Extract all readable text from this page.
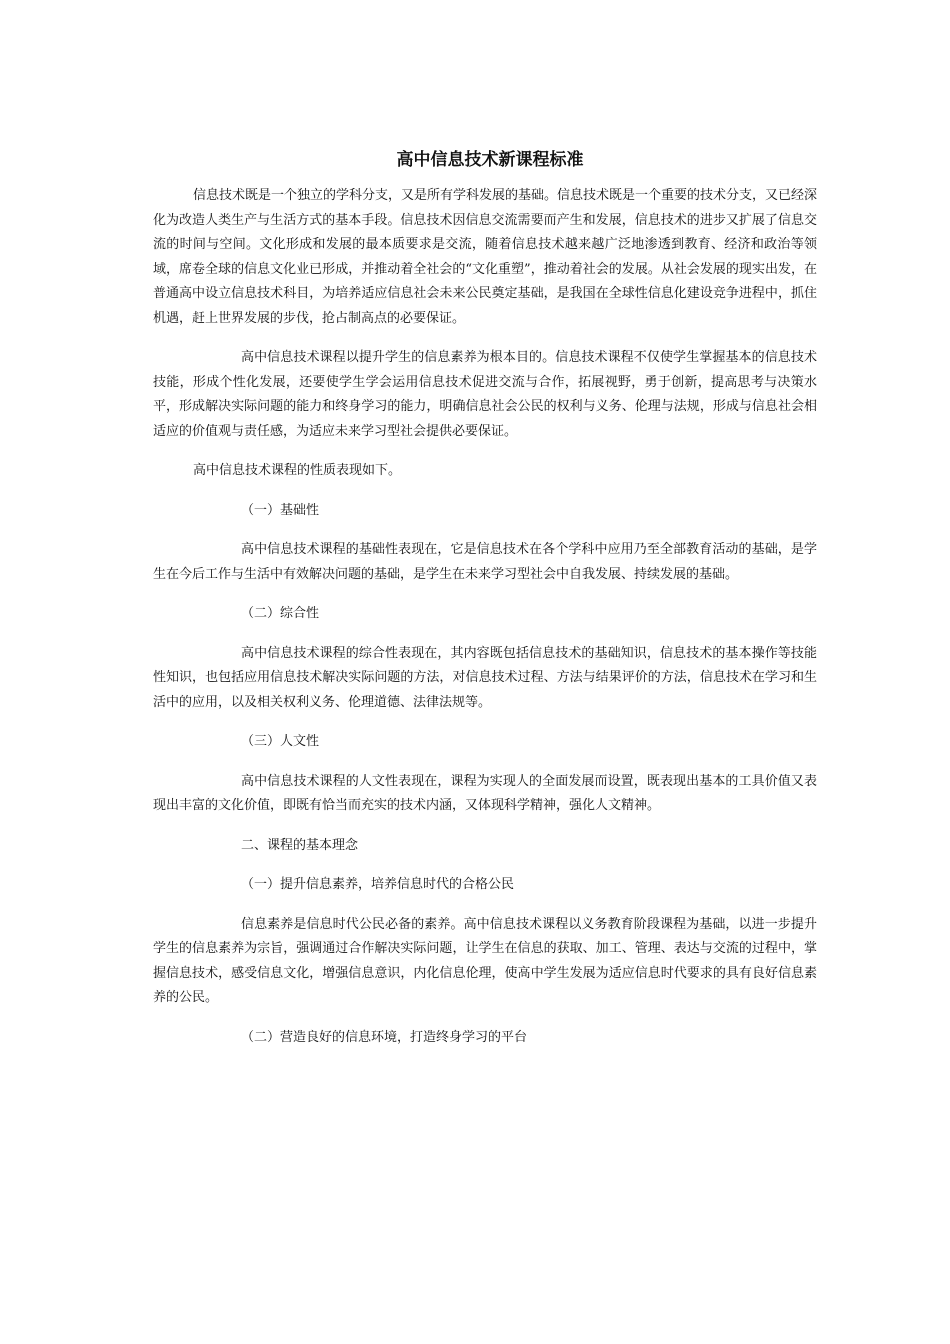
高中信息技术新课程标准

信息技术既是一个独立的学科分支，又是所有学科发展的基础。信息技术既是一个重要的技术分支，又已经深化为改造人类生产与生活方式的基本手段。信息技术因信息交流需要而产生和发展，信息技术的进步又扩展了信息交流的时间与空间。文化形成和发展的最本质要求是交流，随着信息技术越来越广泛地渗透到教育、经济和政治等领域，席卷全球的信息文化业已形成，并推动着全社会的“文化重塑”，推动着社会的发展。从社会发展的现实出发，在普通高中设立信息技术科目，为培养适应信息社会未来公民奠定基础，是我国在全球性信息化建设竞争进程中，抓住机遇，赶上世界发展的步伐，抢占制高点的必要保证。

高中信息技术课程以提升学生的信息素养为根本目的。信息技术课程不仅使学生掌握基本的信息技术技能，形成个性化发展，还要使学生学会运用信息技术促进交流与合作，拓展视野，勇于创新，提高思考与决策水平，形成解决实际问题的能力和终身学习的能力，明确信息社会公民的权利与义务、伦理与法规，形成与信息社会相适应的价值观与责任感，为适应未来学习型社会提供必要保证。

高中信息技术课程的性质表现如下。

（一）基础性

高中信息技术课程的基础性表现在，它是信息技术在各个学科中应用乃至全部教育活动的基础，是学生在今后工作与生活中有效解决问题的基础，是学生在未来学习型社会中自我发展、持续发展的基础。

（二）综合性

高中信息技术课程的综合性表现在，其内容既包括信息技术的基础知识，信息技术的基本操作等技能性知识，也包括应用信息技术解决实际问题的方法，对信息技术过程、方法与结果评价的方法，信息技术在学习和生活中的应用，以及相关权利义务、伦理道德、法律法规等。

（三）人文性

高中信息技术课程的人文性表现在，课程为实现人的全面发展而设置，既表现出基本的工具价值又表现出丰富的文化价值，即既有恰当而充实的技术内涵，又体现科学精神，强化人文精神。

二、课程的基本理念

（一）提升信息素养，培养信息时代的合格公民

信息素养是信息时代公民必备的素养。高中信息技术课程以义务教育阶段课程为基础，以进一步提升学生的信息素养为宗旨，强调通过合作解决实际问题，让学生在信息的获取、加工、管理、表达与交流的过程中，掌握信息技术，感受信息文化，增强信息意识，内化信息伦理，使高中学生发展为适应信息时代要求的具有良好信息素养的公民。

（二）营造良好的信息环境，打造终身学习的平台
